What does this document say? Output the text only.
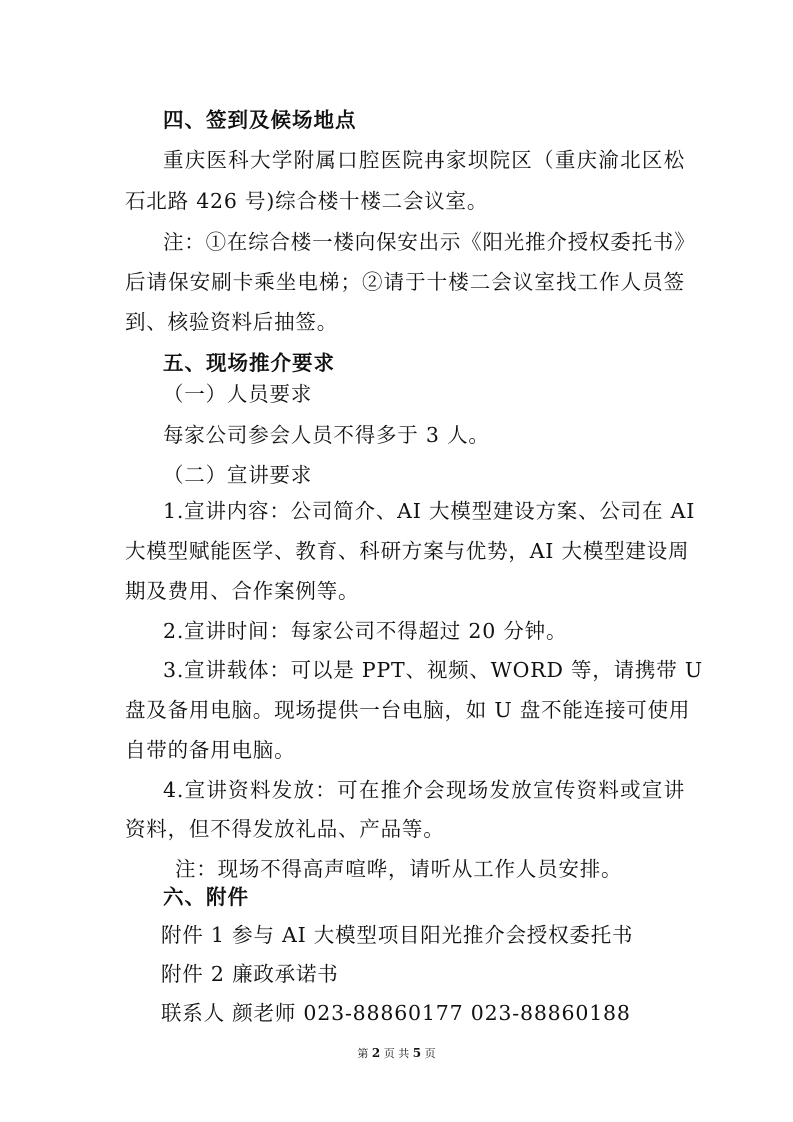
四、签到及候场地点
重庆医科大学附属口腔医院冉家坝院区（重庆渝北区松
石北路 426 号)综合楼十楼二会议室。
注：①在综合楼一楼向保安出示《阳光推介授权委托书》
后请保安刷卡乘坐电梯；②请于十楼二会议室找工作人员签
到、核验资料后抽签。
五、现场推介要求
（一）人员要求
每家公司参会人员不得多于 3 人。
（二）宣讲要求
1.宣讲内容：公司简介、AI 大模型建设方案、公司在 AI
大模型赋能医学、教育、科研方案与优势，AI 大模型建设周
期及费用、合作案例等。
2.宣讲时间：每家公司不得超过 20 分钟。
3.宣讲载体：可以是 PPT、视频、WORD 等，请携带 U
盘及备用电脑。现场提供一台电脑，如 U 盘不能连接可使用
自带的备用电脑。
4.宣讲资料发放：可在推介会现场发放宣传资料或宣讲
资料，但不得发放礼品、产品等。
注：现场不得高声喧哗，请听从工作人员安排。
六、附件
附件 1 参与 AI 大模型项目阳光推介会授权委托书
附件 2 廉政承诺书
联系人 颜老师 023-88860177 023-88860188
第 2 页 共 5 页
